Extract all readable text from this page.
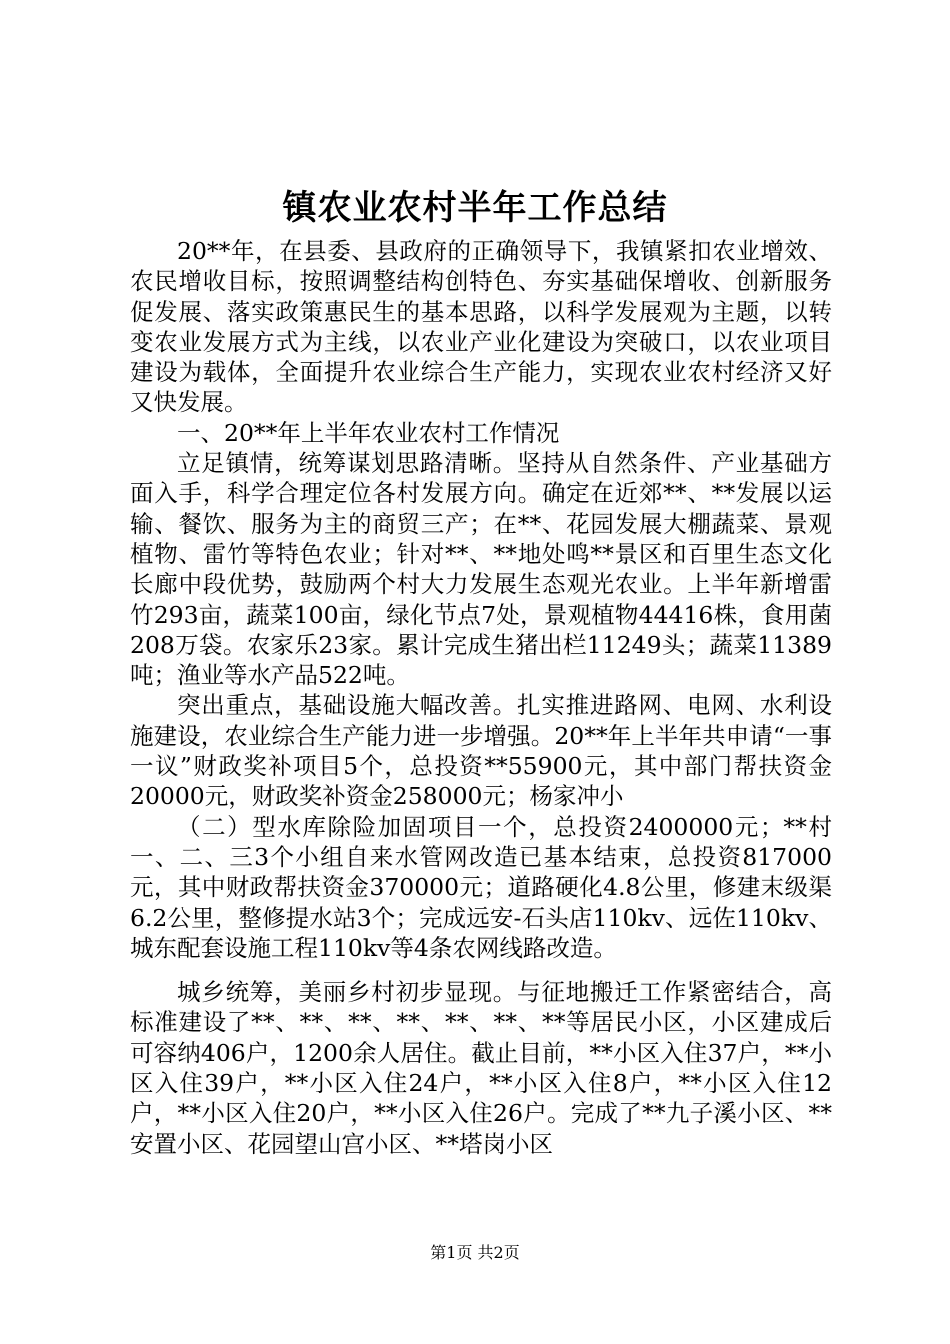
镇农业农村半年工作总结

20**年，在县委、县政府的正确领导下，我镇紧扣农业增效、农民增收目标，按照调整结构创特色、夯实基础保增收、创新服务促发展、落实政策惠民生的基本思路，以科学发展观为主题，以转变农业发展方式为主线，以农业产业化建设为突破口，以农业项目建设为载体，全面提升农业综合生产能力，实现农业农村经济又好又快发展。

一、20**年上半年农业农村工作情况

立足镇情，统筹谋划思路清晰。坚持从自然条件、产业基础方面入手，科学合理定位各村发展方向。确定在近郊**、**发展以运输、餐饮、服务为主的商贸三产；在**、花园发展大棚蔬菜、景观植物、雷竹等特色农业；针对**、**地处鸣**景区和百里生态文化长廊中段优势，鼓励两个村大力发展生态观光农业。上半年新增雷竹293亩，蔬菜100亩，绿化节点7处，景观植物44416株，食用菌208万袋。农家乐23家。累计完成生猪出栏11249头；蔬菜11389吨；渔业等水产品522吨。

突出重点，基础设施大幅改善。扎实推进路网、电网、水利设施建设，农业综合生产能力进一步增强。20**年上半年共申请“一事一议”财政奖补项目5个，总投资**55900元，其中部门帮扶资金20000元，财政奖补资金258000元；杨家冲小

（二）型水库除险加固项目一个，总投资2400000元；**村一、二、三3个小组自来水管网改造已基本结束，总投资817000元，其中财政帮扶资金370000元；道路硬化4.8公里，修建末级渠6.2公里，整修提水站3个；完成远安-石头店110kv、远佐110kv、城东配套设施工程110kv等4条农网线路改造。

城乡统筹，美丽乡村初步显现。与征地搬迁工作紧密结合，高标准建设了**、**、**、**、**、**、**等居民小区，小区建成后可容纳406户，1200余人居住。截止目前，**小区入住37户，**小区入住39户，**小区入住24户，**小区入住8户，**小区入住12户，**小区入住20户，**小区入住26户。完成了**九子溪小区、**安置小区、花园望山宫小区、**塔岗小区

第1页 共2页
